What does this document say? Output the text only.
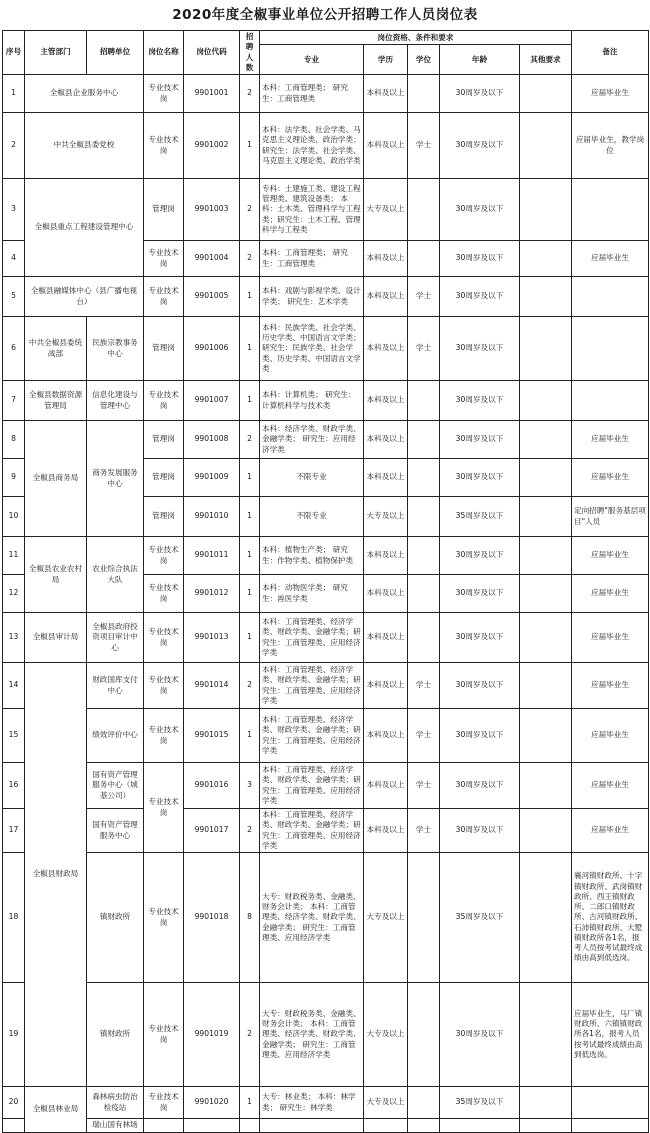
2020年度全椒事业单位公开招聘工作人员岗位表
序号	主管部门	招聘单位	岗位名称	岗位代码	招聘人数	岗位资格、条件和要求					备注
						专业	学历	学位	年龄	其他要求	
1	全椒县企业服务中心		专业技术岗	9901001	2	本科：工商管理类； 研究生：工商管理类	本科及以上		30周岁及以下		应届毕业生
2	中共全椒县委党校		专业技术岗	9901002	1	本科：法学类、社会学类、马克思主义理论类、政治学类；研究生：法学类、社会学类、马克思主义理论类、政治学类	本科及以上	学士	30周岁及以下		应届毕业生，教学岗位
3	全椒县重点工程建设管理中心		管理岗	9901003	2	专科：土建施工类、建设工程管理类、建筑设备类； 本科：土木类、管理科学与工程类；研究生：土木工程、管理科学与工程类	大专及以上		30周岁及以下		
4			专业技术岗	9901004	2	本科：工商管理类； 研究生：工商管理类	本科及以上		30周岁及以下		应届毕业生
5	全椒县融媒体中心（县广播电视台）		专业技术岗	9901005	1	本科：戏剧与影视学类、设计学类； 研究生：艺术学类	本科及以上	学士	30周岁及以下		
6	中共全椒县委统战部	民族宗教事务中心	管理岗	9901006	1	本科：民族学类、社会学类、历史学类、中国语言文学类；研究生：民族学类、社会学类、历史学类、中国语言文学类	本科及以上	学士	30周岁及以下		
7	全椒县数据资源管理局	信息化建设与管理中心	专业技术岗	9901007	1	本科：计算机类； 研究生：计算机科学与技术类	本科及以上		30周岁及以下		
8	全椒县商务局	商务发展服务中心	管理岗	9901008	2	本科：经济学类、财政学类、金融学类； 研究生：应用经济学类	本科及以上		30周岁及以下		应届毕业生
9			管理岗	9901009	1	不限专业	本科及以上		30周岁及以下		应届毕业生
10			管理岗	9901010	1	不限专业	大专及以上		35周岁及以下		定向招聘"服务基层项目"人员
11	全椒县农业农村局	农业综合执法大队	专业技术岗	9901011	1	本科：植物生产类； 研究生：作物学类、植物保护类	本科及以上		30周岁及以下		应届毕业生
12			专业技术岗	9901012	1	本科：动物医学类； 研究生：兽医学类	本科及以上		30周岁及以下		应届毕业生
13	全椒县审计局	全椒县政府投资项目审计中心	专业技术岗	9901013	1	本科：工商管理类、经济学类、财政学类、金融学类；研究生：工商管理类、应用经济学类	本科及以上		30周岁及以下		应届毕业生
14	全椒县财政局	财政国库支付中心	专业技术岗	9901014	2	本科：工商管理类、经济学类、财政学类、金融学类；研究生：工商管理类、应用经济学类	本科及以上	学士	30周岁及以下		应届毕业生
15		绩效评价中心	专业技术岗	9901015	1	本科：工商管理类、经济学类、财政学类、金融学类；研究生：工商管理类、应用经济学类	本科及以上	学士	30周岁及以下		应届毕业生
16		国有资产管理服务中心（城基公司）	专业技术岗	9901016	3	本科：工商管理类、经济学类、财政学类、金融学类；研究生：工商管理类、应用经济学类	本科及以上	学士	30周岁及以下		应届毕业生
17		国有资产管理服务中心		9901017	2	本科：工商管理类、经济学类、财政学类、金融学类；研究生：工商管理类、应用经济学类	本科及以上	学士	30周岁及以下		应届毕业生
18		镇财政所	专业技术岗	9901018	8	大专：财政税务类、金融类、财务会计类； 本科：工商管理类、经济学类、财政学类、金融学类； 研究生：工商管理类、应用经济学类	大专及以上		35周岁及以下		襄河镇财政所、十字镇财政所、武岗镇财政所、西王镇财政所、二郎口镇财政所、古河镇财政所、石沛镇财政所、大墅镇财政所各1名，报考人员按考试最终成绩由高到低选岗。
19		镇财政所	专业技术岗	9901019	2	大专：财政税务类、金融类、财务会计类； 本科：工商管理类、经济学类、财政学类、金融学类； 研究生：工商管理类、应用经济学类	大专及以上		30周岁及以下		应届毕业生，马厂镇财政所、六镇镇财政所各1名，报考人员按考试最终成绩由高到低选岗。
20	全椒县林业局	森林病虫防治检疫站	专业技术岗	9901020	1	大专：林业类； 本科：林学类； 研究生：林学类	大专及以上		35周岁及以下		
		瑞山国有林场									
